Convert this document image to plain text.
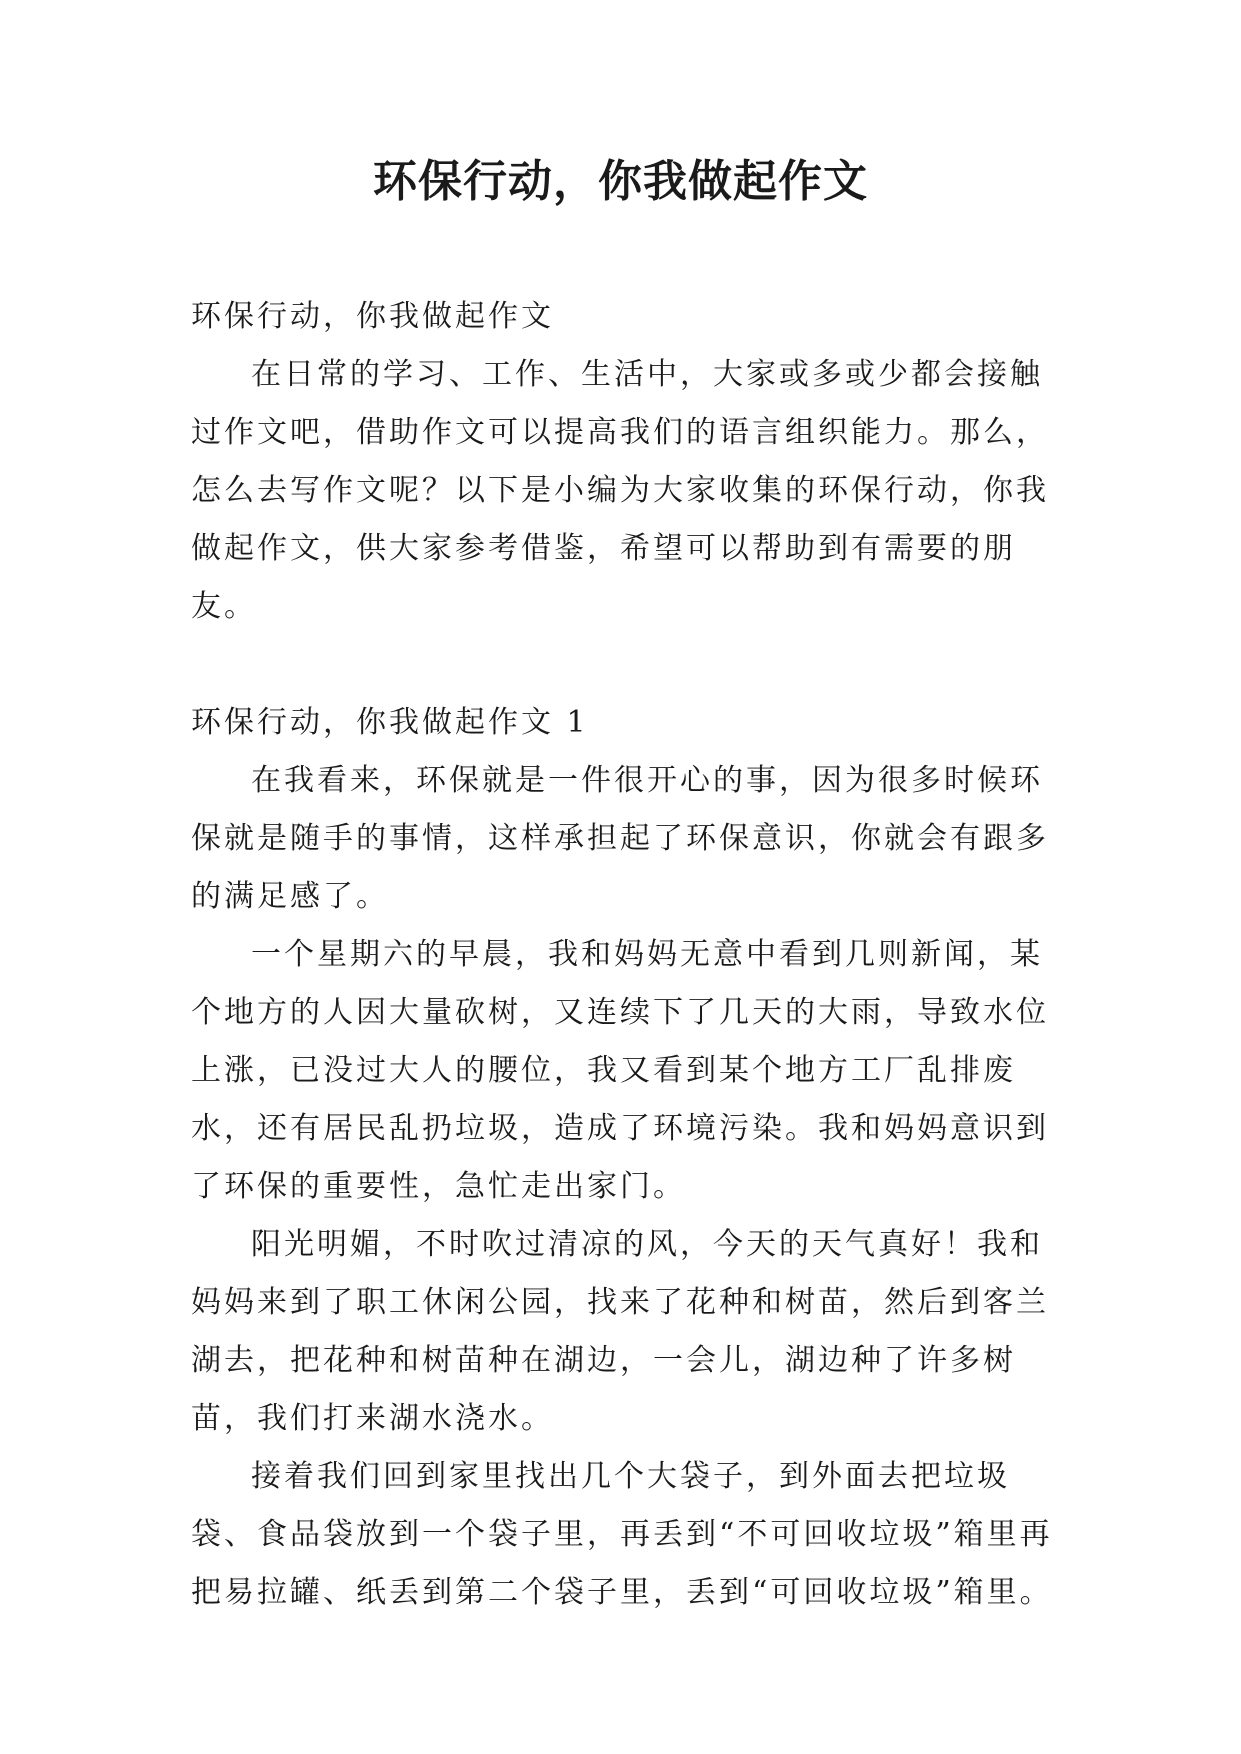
环保行动，你我做起作文

环保行动，你我做起作文

在日常的学习、工作、生活中，大家或多或少都会接触过作文吧，借助作文可以提高我们的语言组织能力。那么，怎么去写作文呢？以下是小编为大家收集的环保行动，你我做起作文，供大家参考借鉴，希望可以帮助到有需要的朋友。

环保行动，你我做起作文 1

在我看来，环保就是一件很开心的事，因为很多时候环保就是随手的事情，这样承担起了环保意识，你就会有跟多的满足感了。

一个星期六的早晨，我和妈妈无意中看到几则新闻，某个地方的人因大量砍树，又连续下了几天的大雨，导致水位上涨，已没过大人的腰位，我又看到某个地方工厂乱排废水，还有居民乱扔垃圾，造成了环境污染。我和妈妈意识到了环保的重要性，急忙走出家门。

阳光明媚，不时吹过清凉的风，今天的天气真好！我和妈妈来到了职工休闲公园，找来了花种和树苗，然后到客兰湖去，把花种和树苗种在湖边，一会儿，湖边种了许多树苗，我们打来湖水浇水。

接着我们回到家里找出几个大袋子，到外面去把垃圾袋、食品袋放到一个袋子里，再丢到“不可回收垃圾”箱里再把易拉罐、纸丢到第二个袋子里，丢到“可回收垃圾”箱里。
